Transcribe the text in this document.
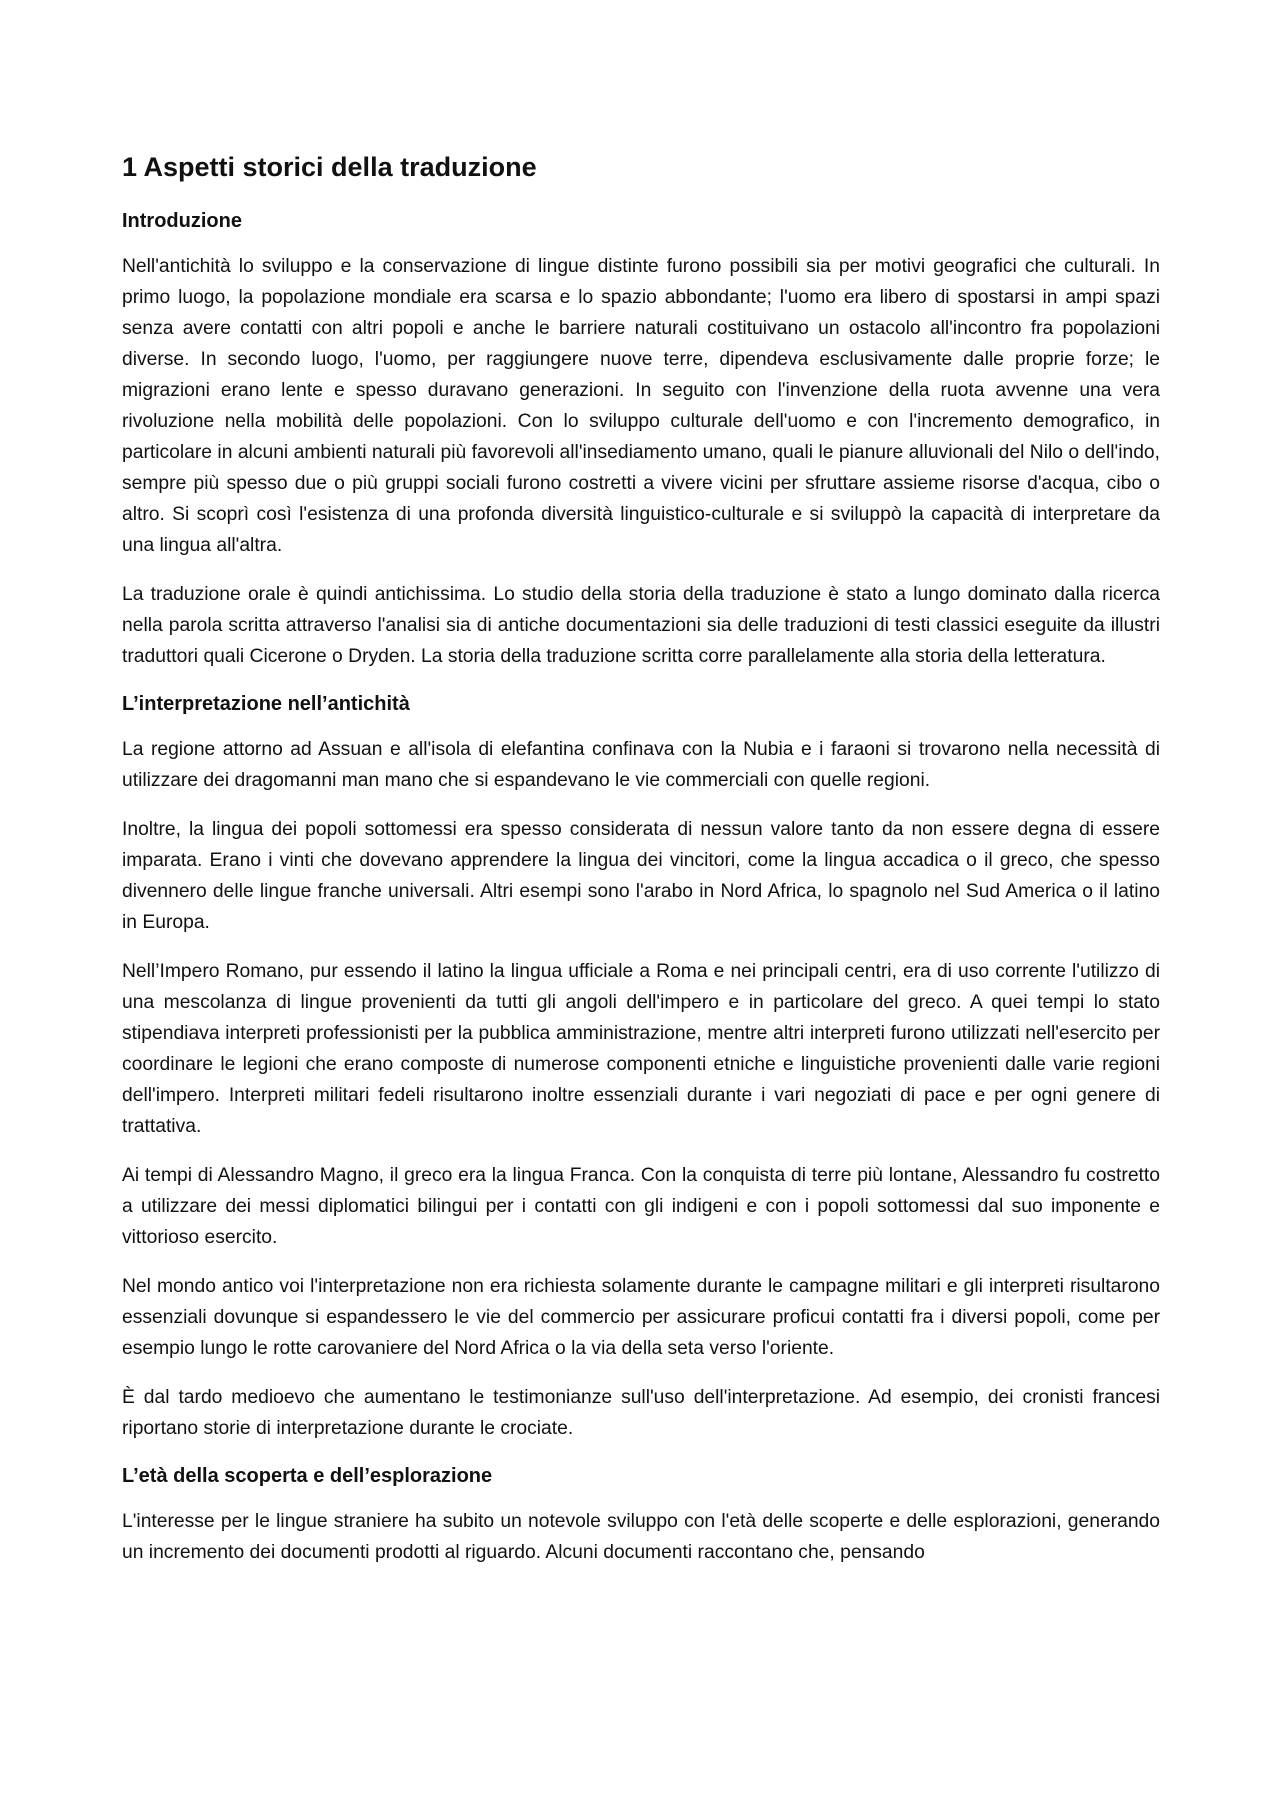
1 Aspetti storici della traduzione
Introduzione

Nell'antichità lo sviluppo e la conservazione di lingue distinte furono possibili sia per motivi geografici che culturali. In primo luogo, la popolazione mondiale era scarsa e lo spazio abbondante; l'uomo era libero di spostarsi in ampi spazi senza avere contatti con altri popoli e anche le barriere naturali costituivano un ostacolo all'incontro fra popolazioni diverse. In secondo luogo, l'uomo, per raggiungere nuove terre, dipendeva esclusivamente dalle proprie forze; le migrazioni erano lente e spesso duravano generazioni. In seguito con l'invenzione della ruota avvenne una vera rivoluzione nella mobilità delle popolazioni. Con lo sviluppo culturale dell'uomo e con l'incremento demografico, in particolare in alcuni ambienti naturali più favorevoli all'insediamento umano, quali le pianure alluvionali del Nilo o dell'indo, sempre più spesso due o più gruppi sociali furono costretti a vivere vicini per sfruttare assieme risorse d'acqua, cibo o altro. Si scoprì così l'esistenza di una profonda diversità linguistico-culturale e si sviluppò la capacità di interpretare da una lingua all'altra.

La traduzione orale è quindi antichissima. Lo studio della storia della traduzione è stato a lungo dominato dalla ricerca nella parola scritta attraverso l'analisi sia di antiche documentazioni sia delle traduzioni di testi classici eseguite da illustri traduttori quali Cicerone o Dryden. La storia della traduzione scritta corre parallelamente alla storia della letteratura.

L’interpretazione nell’antichità

La regione attorno ad Assuan e all'isola di elefantina confinava con la Nubia e i faraoni si trovarono nella necessità di utilizzare dei dragomanni man mano che si espandevano le vie commerciali con quelle regioni.

Inoltre, la lingua dei popoli sottomessi era spesso considerata di nessun valore tanto da non essere degna di essere imparata. Erano i vinti che dovevano apprendere la lingua dei vincitori, come la lingua accadica o il greco, che spesso divennero delle lingue franche universali. Altri esempi sono l'arabo in Nord Africa, lo spagnolo nel Sud America o il latino in Europa.

Nell’Impero Romano, pur essendo il latino la lingua ufficiale a Roma e nei principali centri, era di uso corrente l'utilizzo di una mescolanza di lingue provenienti da tutti gli angoli dell'impero e in particolare del greco. A quei tempi lo stato stipendiava interpreti professionisti per la pubblica amministrazione, mentre altri interpreti furono utilizzati nell'esercito per coordinare le legioni che erano composte di numerose componenti etniche e linguistiche provenienti dalle varie regioni dell'impero. Interpreti militari fedeli risultarono inoltre essenziali durante i vari negoziati di pace e per ogni genere di trattativa.

Ai tempi di Alessandro Magno, il greco era la lingua Franca. Con la conquista di terre più lontane, Alessandro fu costretto a utilizzare dei messi diplomatici bilingui per i contatti con gli indigeni e con i popoli sottomessi dal suo imponente e vittorioso esercito.

Nel mondo antico voi l'interpretazione non era richiesta solamente durante le campagne militari e gli interpreti risultarono essenziali dovunque si espandessero le vie del commercio per assicurare proficui contatti fra i diversi popoli, come per esempio lungo le rotte carovaniere del Nord Africa o la via della seta verso l'oriente.

È dal tardo medioevo che aumentano le testimonianze sull'uso dell'interpretazione. Ad esempio, dei cronisti francesi riportano storie di interpretazione durante le crociate.

L’età della scoperta e dell’esplorazione

L'interesse per le lingue straniere ha subito un notevole sviluppo con l'età delle scoperte e delle esplorazioni, generando un incremento dei documenti prodotti al riguardo. Alcuni documenti raccontano che, pensando
